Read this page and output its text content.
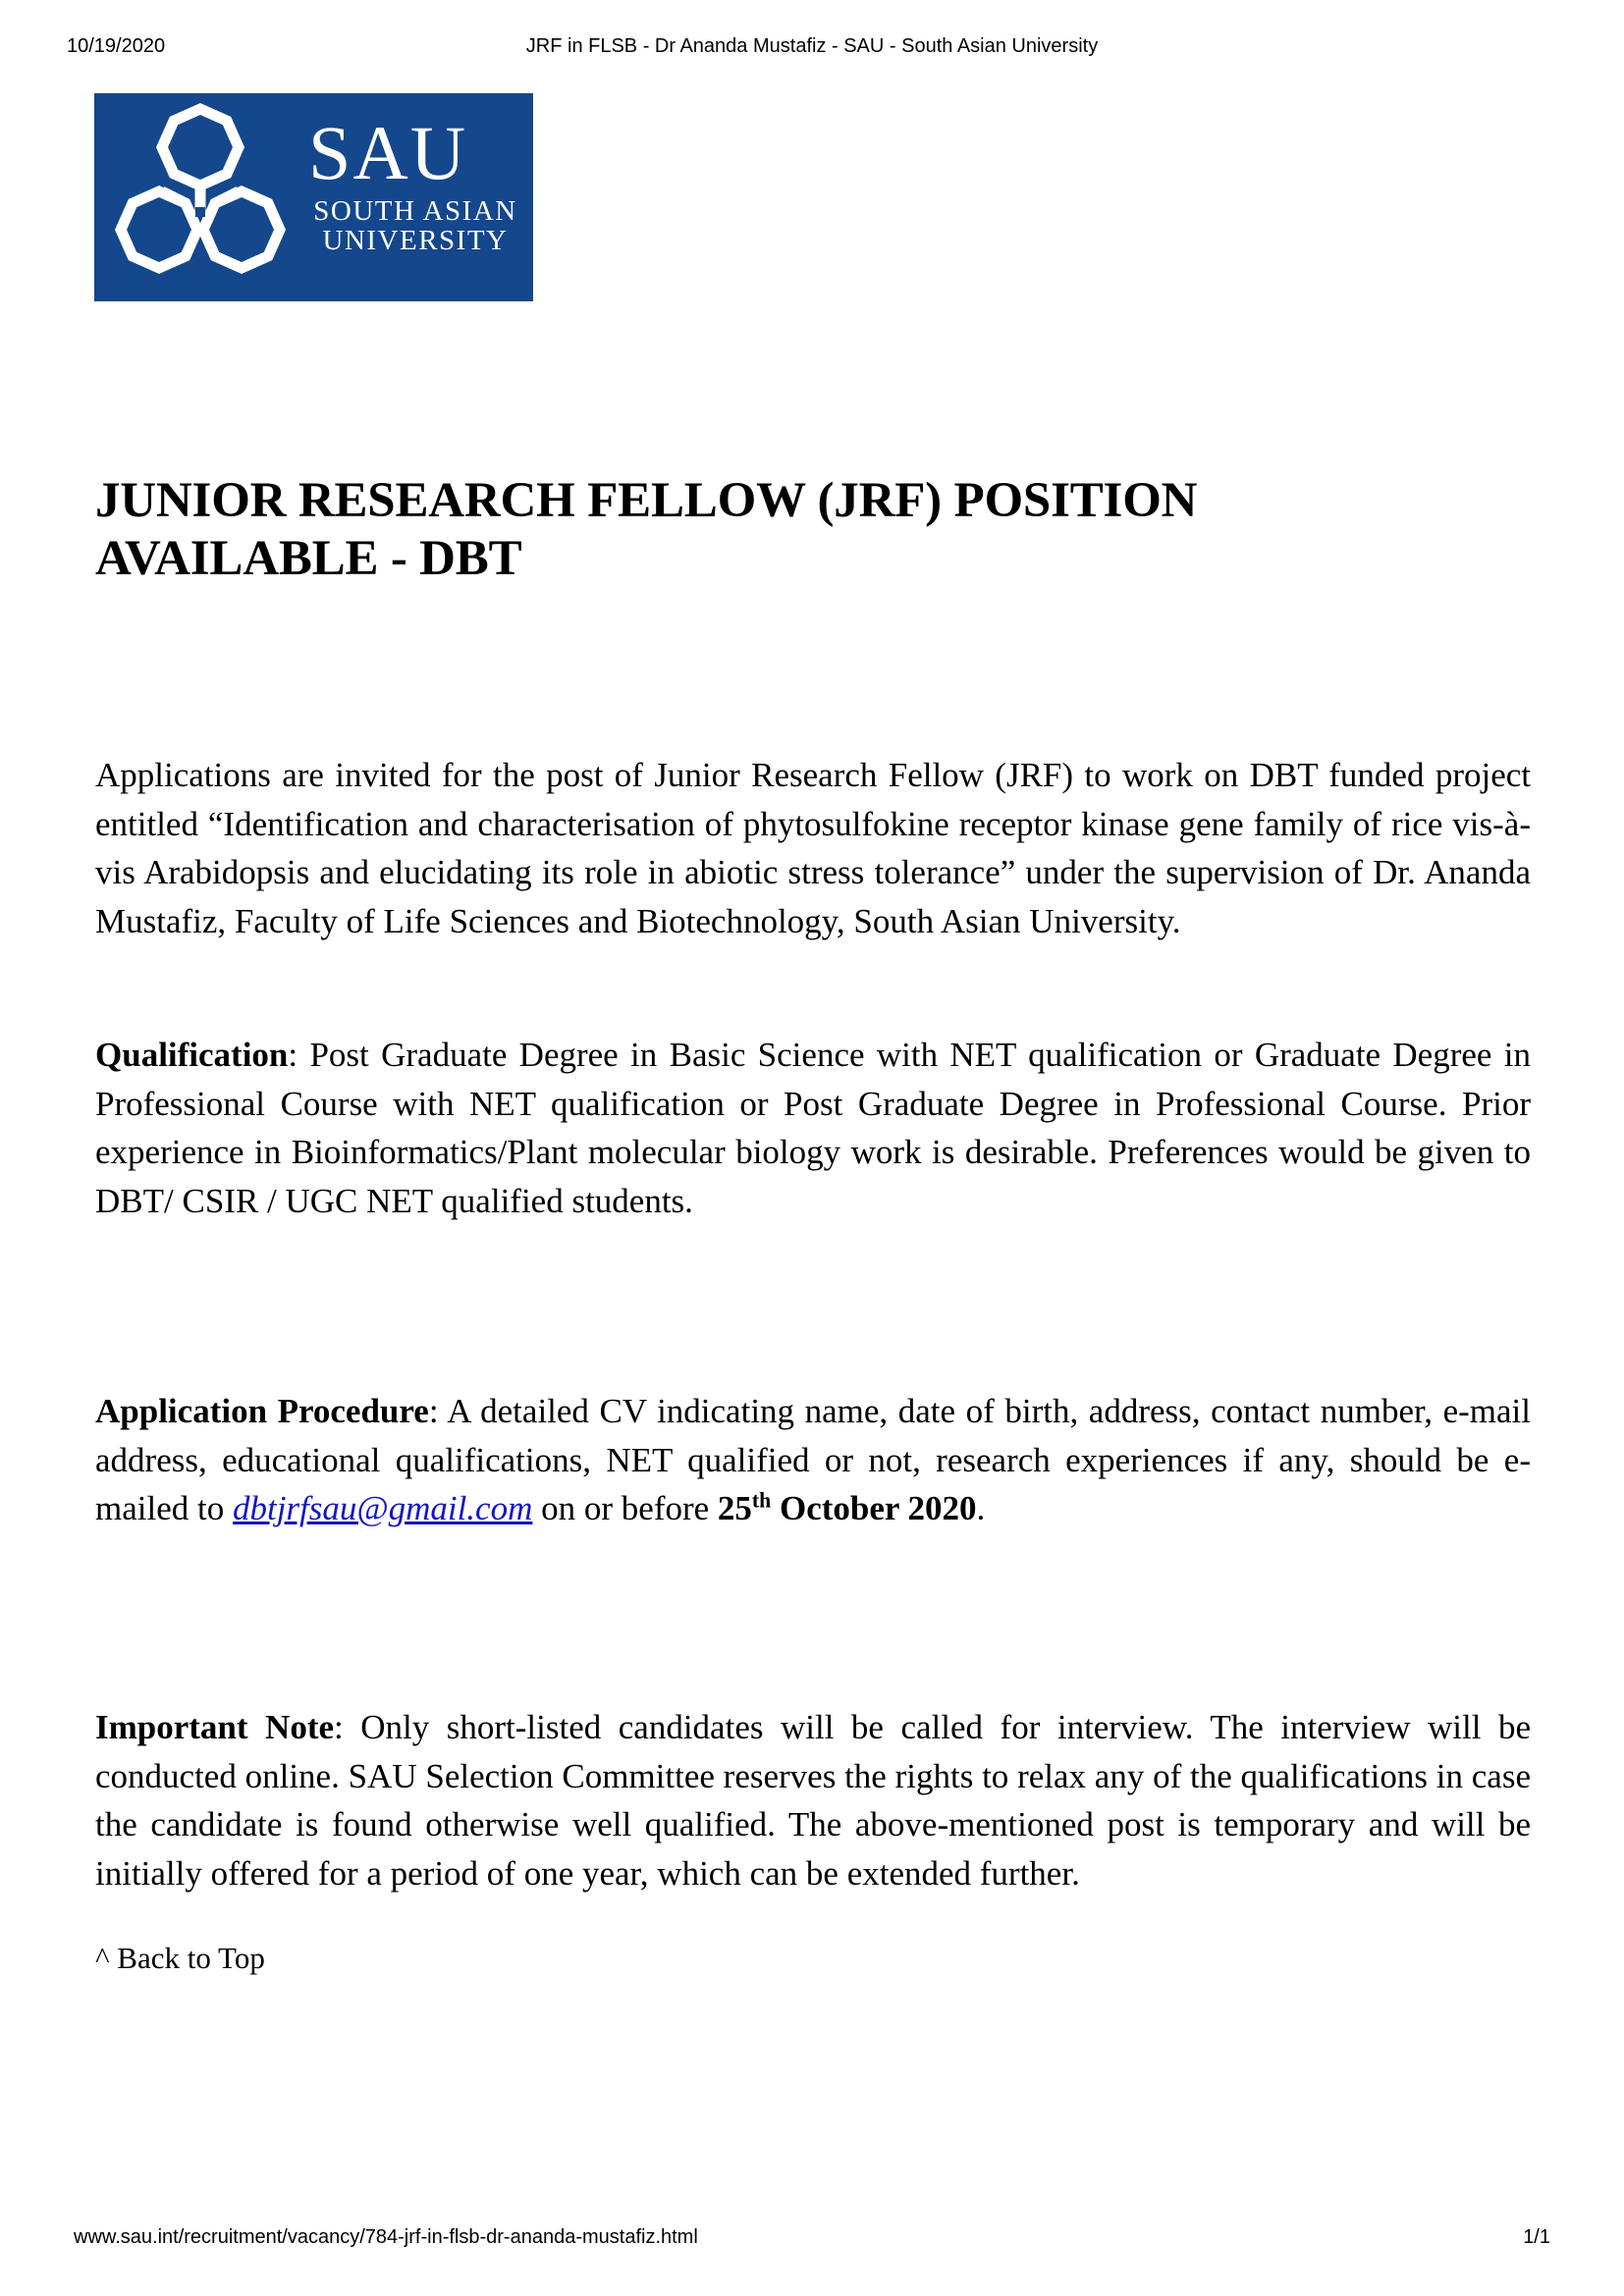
10/19/2020	JRF in FLSB - Dr Ananda Mustafiz - SAU - South Asian University
SAU
SOUTH ASIAN
UNIVERSITY
JUNIOR RESEARCH FELLOW (JRF) POSITION AVAILABLE - DBT

Applications are invited for the post of Junior Research Fellow (JRF) to work on DBT funded project entitled “Identification and characterisation of phytosulfokine receptor kinase gene family of rice vis-à-vis Arabidopsis and elucidating its role in abiotic stress tolerance” under the supervision of Dr. Ananda Mustafiz, Faculty of Life Sciences and Biotechnology, South Asian University.

Qualification: Post Graduate Degree in Basic Science with NET qualification or Graduate Degree in Professional Course with NET qualification or Post Graduate Degree in Professional Course. Prior experience in Bioinformatics/Plant molecular biology work is desirable. Preferences would be given to DBT/ CSIR / UGC NET qualified students.

Application Procedure: A detailed CV indicating name, date of birth, address, contact number, e-mail address, educational qualifications, NET qualified or not, research experiences if any, should be e-mailed to dbtjrfsau@gmail.com on or before 25th October 2020.

Important Note: Only short-listed candidates will be called for interview. The interview will be conducted online. SAU Selection Committee reserves the rights to relax any of the qualifications in case the candidate is found otherwise well qualified. The above-mentioned post is temporary and will be initially offered for a period of one year, which can be extended further.

^ Back to Top
www.sau.int/recruitment/vacancy/784-jrf-in-flsb-dr-ananda-mustafiz.html	1/1
